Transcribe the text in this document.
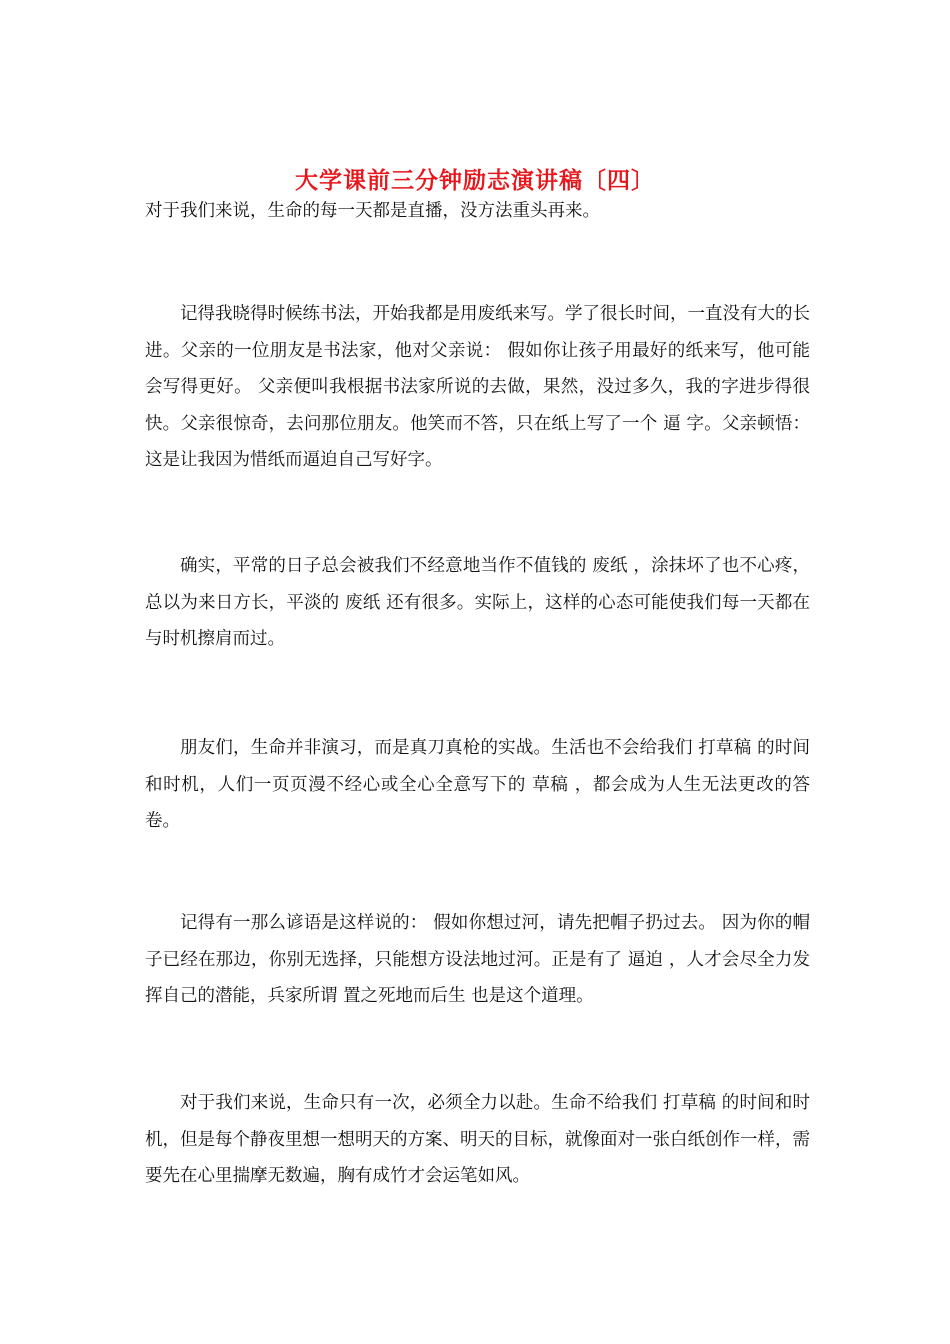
大学课前三分钟励志演讲稿〔四〕

对于我们来说，生命的每一天都是直播，没方法重头再来。

记得我晓得时候练书法，开始我都是用废纸来写。学了很长时间，一直没有大的长进。父亲的一位朋友是书法家，他对父亲说： 假如你让孩子用最好的纸来写，他可能会写得更好。 父亲便叫我根据书法家所说的去做，果然，没过多久，我的字进步得很快。父亲很惊奇，去问那位朋友。他笑而不答，只在纸上写了一个 逼 字。父亲顿悟：这是让我因为惜纸而逼迫自己写好字。

确实，平常的日子总会被我们不经意地当作不值钱的 废纸 ，涂抹坏了也不心疼，总以为来日方长，平淡的 废纸 还有很多。实际上，这样的心态可能使我们每一天都在与时机擦肩而过。

朋友们，生命并非演习，而是真刀真枪的实战。生活也不会给我们 打草稿 的时间和时机，人们一页页漫不经心或全心全意写下的 草稿 ，都会成为人生无法更改的答卷。

记得有一那么谚语是这样说的： 假如你想过河，请先把帽子扔过去。 因为你的帽子已经在那边，你别无选择，只能想方设法地过河。正是有了 逼迫 ，人才会尽全力发挥自己的潜能，兵家所谓 置之死地而后生 也是这个道理。

对于我们来说，生命只有一次，必须全力以赴。生命不给我们 打草稿 的时间和时机，但是每个静夜里想一想明天的方案、明天的目标，就像面对一张白纸创作一样，需要先在心里揣摩无数遍，胸有成竹才会运笔如风。
